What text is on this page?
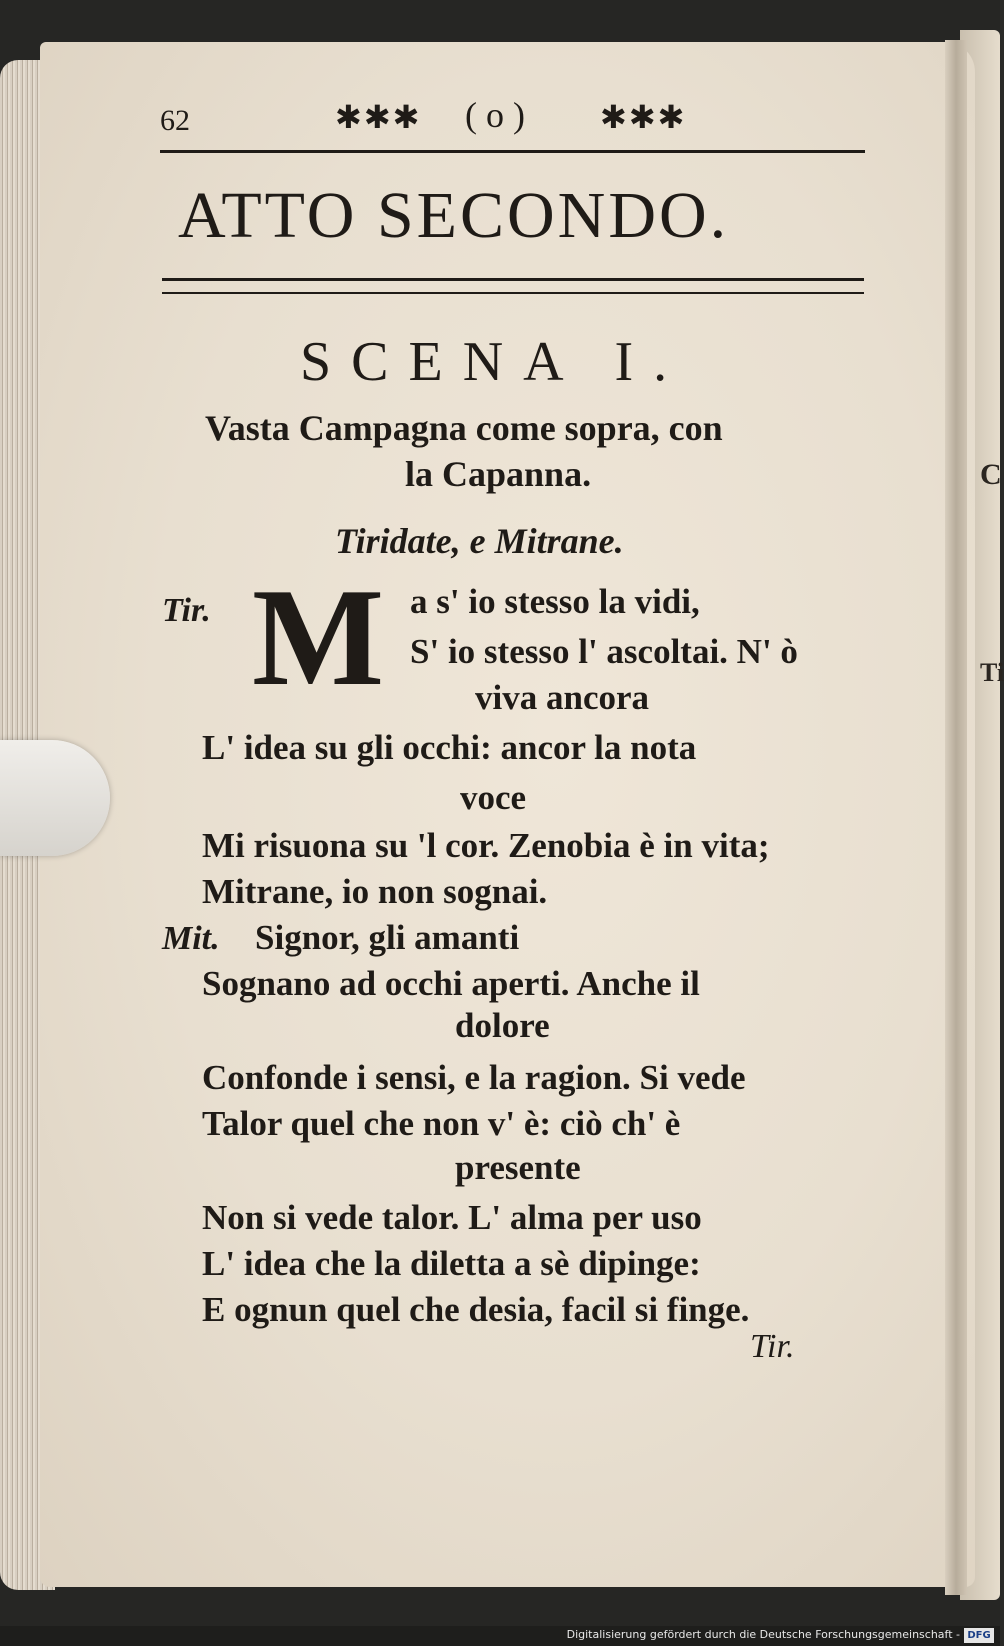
C
Ti
62	✱✱✱ ( o ) ✱✱✱
ATTO SECONDO.
SCENA I.
Vasta Campagna come sopra, con
la Capanna.
Tiridate, e Mitrane.
Tir. M a s' io stesso la vidi,
S' io stesso l' ascoltai. N' ò
viva ancora
L' idea su gli occhi: ancor la nota
voce
Mi risuona su 'l cor. Zenobia è in vita;
Mitrane, io non sognai.
Mit. Signor, gli amanti
Sognano ad occhi aperti. Anche il
dolore
Confonde i sensi, e la ragion. Si vede
Talor quel che non v' è: ciò ch' è
presente
Non si vede talor. L' alma per uso
L' idea che la diletta a sè dipinge:
E ognun quel che desia, facil si finge.
Tir.
Digitalisierung gefördert durch die Deutsche Forschungsgemeinschaft - DFG
